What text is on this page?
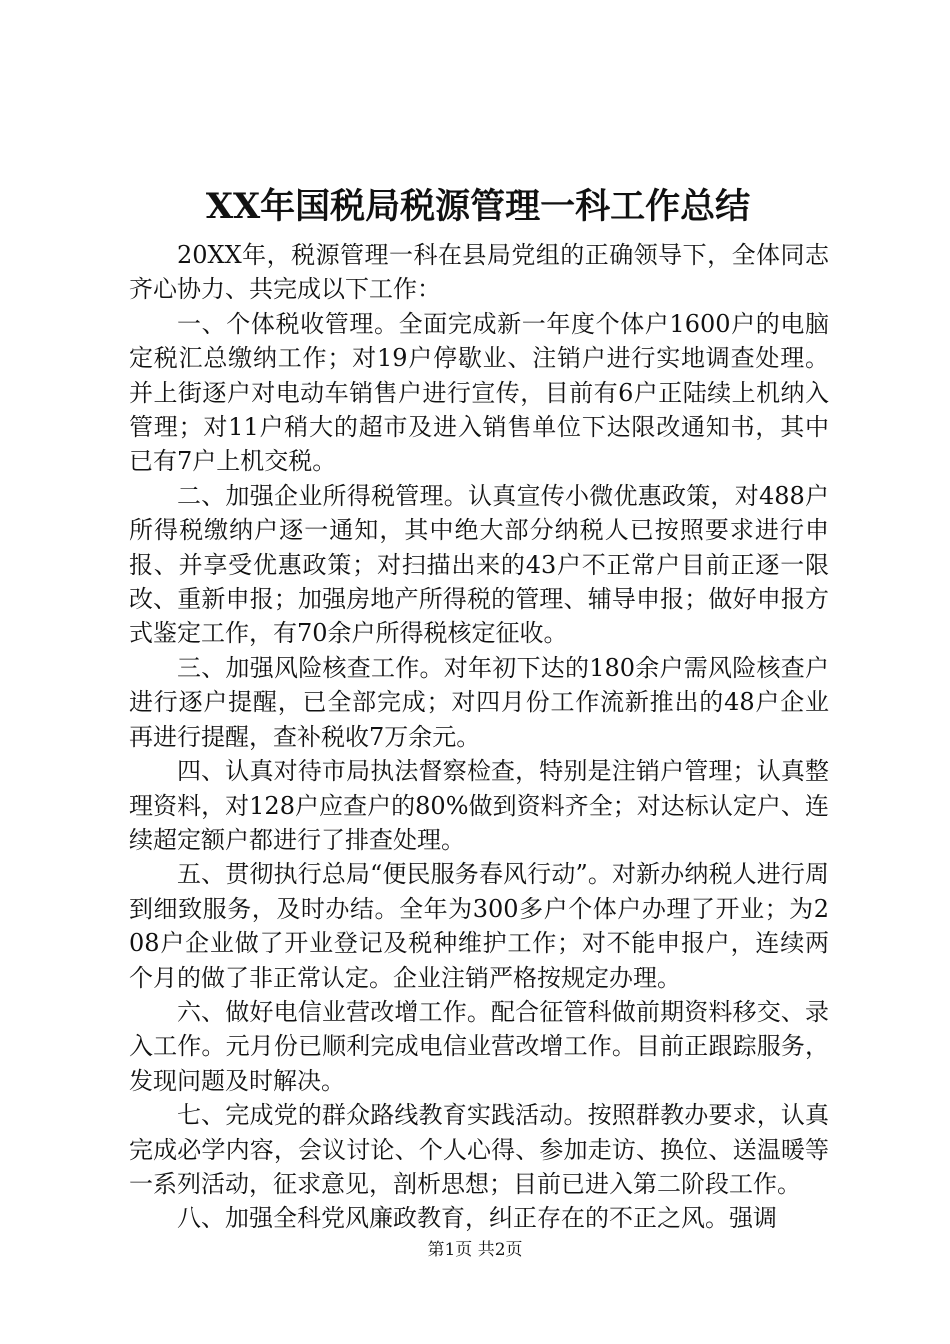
XX年国税局税源管理一科工作总结

20XX年，税源管理一科在县局党组的正确领导下，全体同志齐心协力、共完成以下工作：

一、个体税收管理。全面完成新一年度个体户1600户的电脑定税汇总缴纳工作；对19户停歇业、注销户进行实地调查处理。并上街逐户对电动车销售户进行宣传，目前有6户正陆续上机纳入管理；对11户稍大的超市及进入销售单位下达限改通知书，其中已有7户上机交税。

二、加强企业所得税管理。认真宣传小微优惠政策，对488户所得税缴纳户逐一通知，其中绝大部分纳税人已按照要求进行申报、并享受优惠政策；对扫描出来的43户不正常户目前正逐一限改、重新申报；加强房地产所得税的管理、辅导申报；做好申报方式鉴定工作，有70余户所得税核定征收。

三、加强风险核查工作。对年初下达的180余户需风险核查户进行逐户提醒，已全部完成；对四月份工作流新推出的48户企业再进行提醒，查补税收7万余元。

四、认真对待市局执法督察检查，特别是注销户管理；认真整理资料，对128户应查户的80%做到资料齐全；对达标认定户、连续超定额户都进行了排查处理。

五、贯彻执行总局“便民服务春风行动”。对新办纳税人进行周到细致服务，及时办结。全年为300多户个体户办理了开业；为208户企业做了开业登记及税种维护工作；对不能申报户，连续两个月的做了非正常认定。企业注销严格按规定办理。

六、做好电信业营改增工作。配合征管科做前期资料移交、录入工作。元月份已顺利完成电信业营改增工作。目前正跟踪服务，发现问题及时解决。

七、完成党的群众路线教育实践活动。按照群教办要求，认真完成必学内容，会议讨论、个人心得、参加走访、换位、送温暖等一系列活动，征求意见，剖析思想；目前已进入第二阶段工作。

八、加强全科党风廉政教育，纠正存在的不正之风。强调

第1页 共2页
